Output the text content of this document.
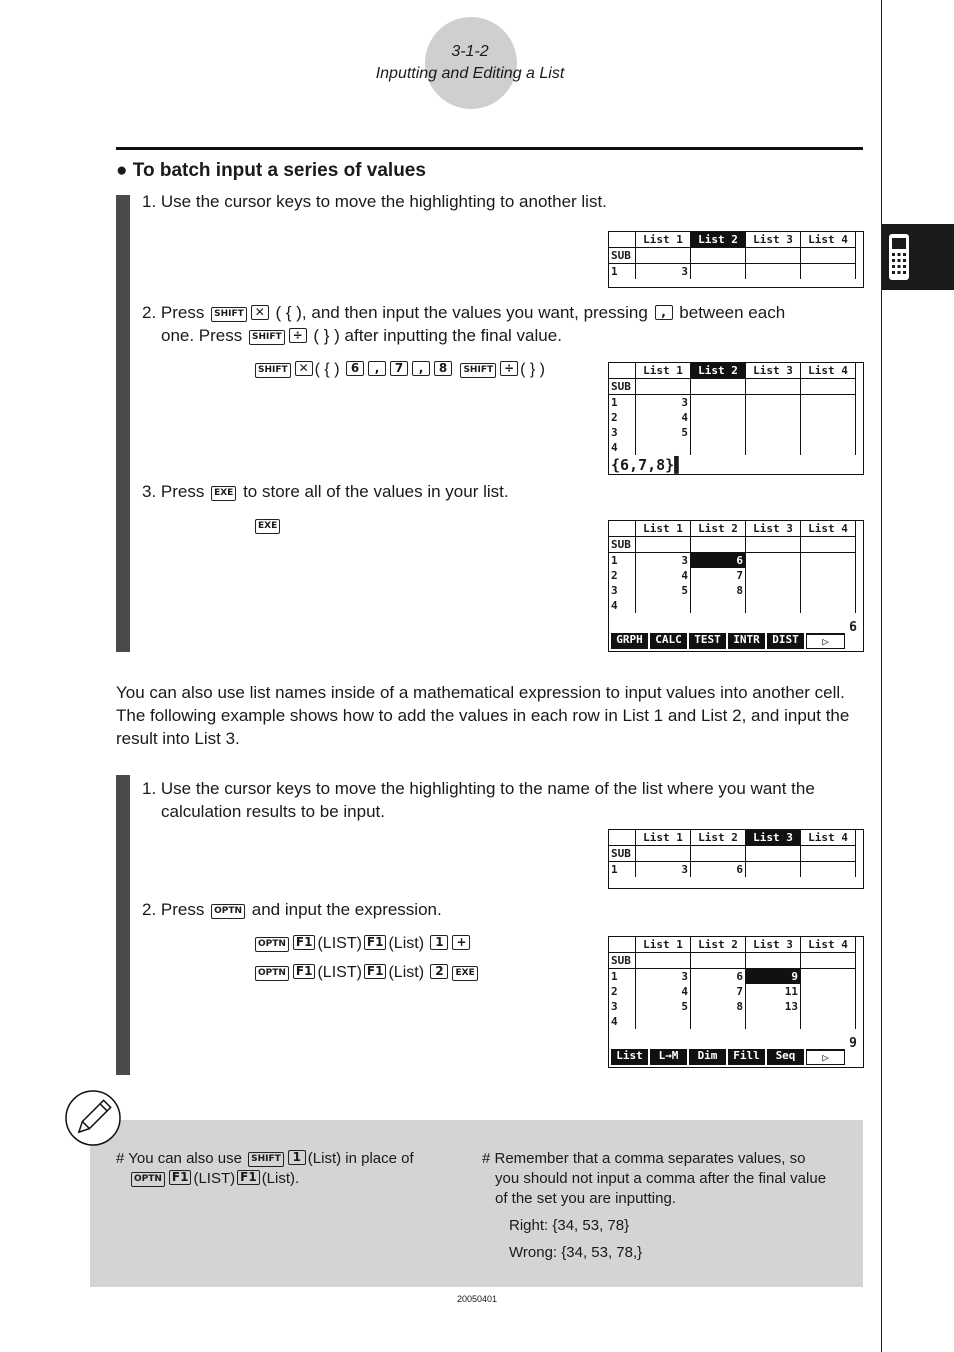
3-1-2
Inputting and Editing a List
● To batch input a series of values
1. Use the cursor keys to move the highlighting to another list.
2. Press SHIFT ✕ ( { ), and then input the values you want, pressing , between each
one. Press SHIFT ÷ ( } ) after inputting the final value.
SHIFT ✕ ( { ) 6 , 7 , 8 SHIFT ÷ ( } )
3. Press EXE to store all of the values in your list.
EXE
	List 1	List 2	List 3	List 4
SUB				
1	3			
	List 1	List 2	List 3	List 4
SUB				
1	3			
2	4			
3	5			
4				
{6,7,8}▌
	List 1	List 2	List 3	List 4
SUB				
1	3	6		
2	4	7		
3	5	8		
4				
6
GRPH	CALC	TEST	INTR	DIST	▷
You can also use list names inside of a mathematical expression to input values into another cell. The following example shows how to add the values in each row in List 1 and List 2, and input the result into List 3.
1. Use the cursor keys to move the highlighting to the name of the list where you want the
calculation results to be input.
2. Press OPTN and input the expression.
OPTN F1 (LIST) F1 (List) 1 +
OPTN F1 (LIST) F1 (List) 2 EXE
	List 1	List 2	List 3	List 4
SUB				
1	3	6		
	List 1	List 2	List 3	List 4
SUB				
1	3	6	9	
2	4	7	11	
3	5	8	13	
4				
9
List	L→M	Dim	Fill	Seq	▷
# You can also use SHIFT 1 (List) in place of
OPTN F1 (LIST) F1 (List).
# Remember that a comma separates values, so you should not input a comma after the final value of the set you are inputting.
Right: {34, 53, 78}
Wrong: {34, 53, 78,}
20050401
